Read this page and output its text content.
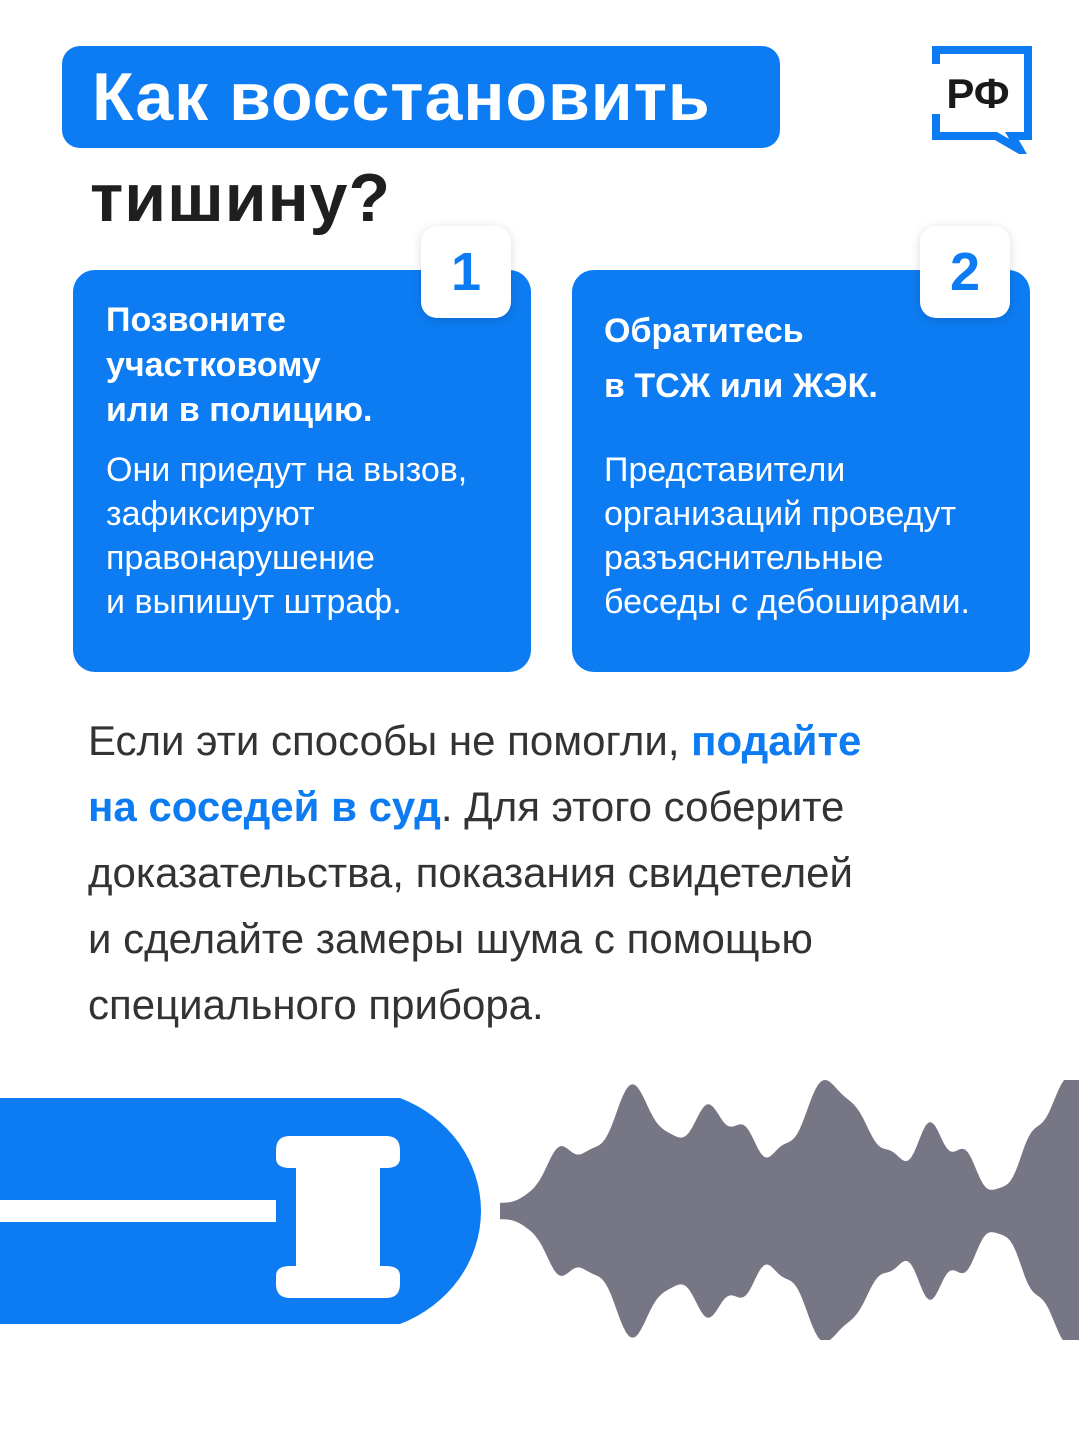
Как восстановить
тишину?
РФ
1
Позвоните
участковому
или в полицию.
Они приедут на вызов,
зафиксируют
правонарушение
и выпишут штраф.
2
Обратитесь
в ТСЖ или ЖЭК.
Представители
организаций проведут
разъяснительные
беседы с дебоширами.
Если эти способы не помогли, подайте
на соседей в суд. Для этого соберите
доказательства, показания свидетелей
и сделайте замеры шума с помощью
специального прибора.
